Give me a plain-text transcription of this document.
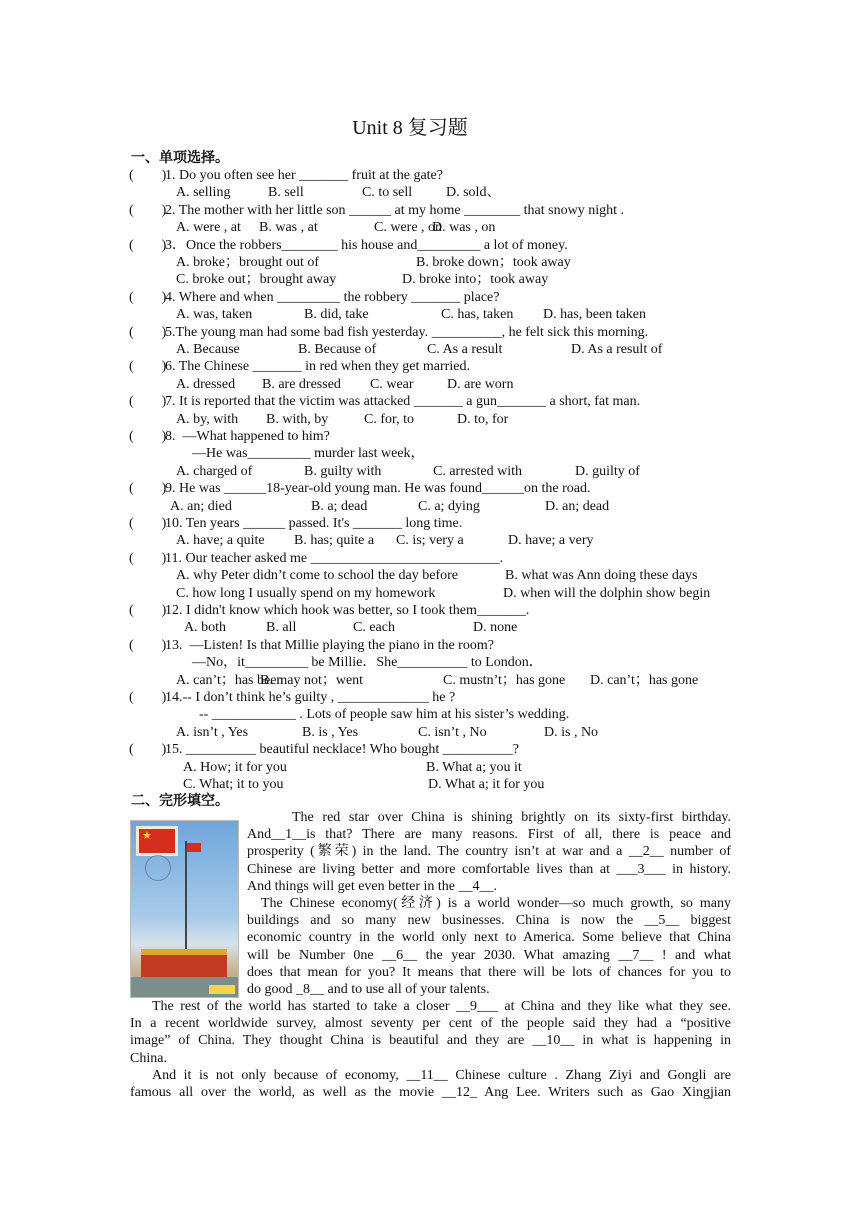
Unit 8 复习题
一、单项选择。
(        )1. Do you often see her _______ fruit at the gate?
A. selling	B. sell	C. to sell D. sold、
(        )2. The mother with her little son ______ at my home ________ that snowy night .
A. were , at B. was , at	C. were , on
D. was , on
(        )3．Once the robbers________ his house and_________ a lot of money.
A. broke；brought out of	B. broke down；took away
C. broke out；brought away	D. broke into；took away
(        )4. Where and when _________ the robbery _______ place?
A. was, taken	B. did, take	C. has, taken D. has, been taken
(        )5.The young man had some bad fish yesterday. __________, he felt sick this morning.
A. Because	B. Because of	C. As a result	D. As a result of
(        )6. The Chinese _______ in red when they get married.
A. dressed B. are dressed C. wear D. are worn
(        )7. It is reported that the victim was attacked _______ a gun_______ a short, fat man.
A. by, with B. with, by	C. for, to	D. to, for
(        )8.  —What happened to him?
—He was_________ murder last week，
A. charged of	B. guilty with	C. arrested with	D. guilty of
(        )9. He was ______18-year-old young man. He was found______on the road.
A. an; died	B. a; dead	C. a; dying	D. an; dead
(        )10. Ten years ______ passed. It's _______ long time.
A. have; a quite B. has; quite a C. is; very a	D. have; a very
(        )11. Our teacher asked me ___________________________.
A. why Peter didn’t come to school the day before	B. what was Ann doing these days
C. how long I usually spend on my homework	D. when will the dolphin show begin
(        )12. I didn't know which hook was better, so I took them_______.
A. both	B. all	C. each	D. none
(        )13.  —Listen! Is that Millie playing the piano in the room?
—No，it_________ be Millie．She__________ to London．
A. can’t；has been
B. may not；went	C. mustn’t；has gone D. can’t；has gone
(        )14.-- I don’t think he’s guilty , _____________ he ?
-- ____________ . Lots of people saw him at his sister’s wedding.
A. isn’t , Yes	B. is , Yes	C. isn’t , No	D. is , No
(        )15. __________ beautiful necklace! Who bought __________?
A. How; it for you	B. What a; you it
C. What; it to you	D. What a; it for you
二、完形填空。
★
The red star over China is shining brightly on its sixty-first birthday.
And__1__is that? There are many reasons. First of all, there is peace and
prosperity (繁荣) in the land. The country isn’t at war and a __2__ number of
Chinese are living better and more comfortable lives than at ___3___ in history.
And things will get even better in the __4__.
The Chinese economy(经济) is a world wonder—so much growth, so many
buildings and so many new businesses. China is now the __5__ biggest
economic country in the world only next to America. Some believe that China
will be Number 0ne __6__ the year 2030. What amazing __7__ ! and what
does that mean for you? It means that there will be lots of chances for you to
do good _8__ and to use all of your talents.
The rest of the world has started to take a closer __9___ at China and they like what they see.
In a recent worldwide survey, almost seventy per cent of the people said they had a “positive
image” of China. They thought China is beautiful and they are __10__ in what is happening in
China.
And it is not only because of economy, __11__ Chinese culture . Zhang Ziyi and Gongli are
famous all over the world, as well as the movie __12_ Ang Lee. Writers such as Gao Xingjian
